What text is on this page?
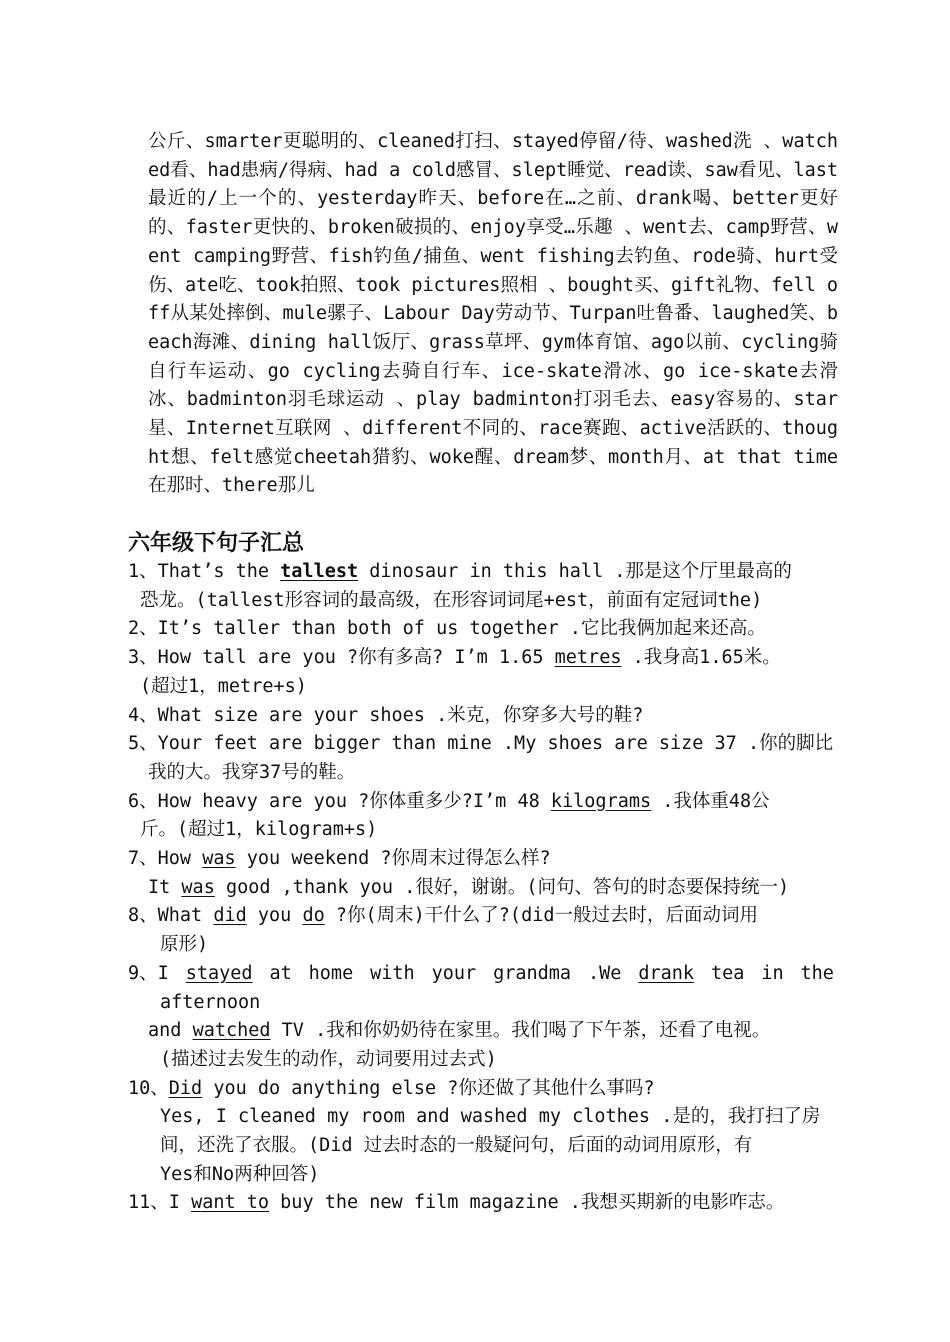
公斤、smarter更聪明的、cleaned打扫、stayed停留/待、washed洗 、watched看、had患病/得病、had a cold感冒、slept睡觉、read读、saw看见、last最近的/上一个的、yesterday昨天、before在…之前、drank喝、better更好的、faster更快的、broken破损的、enjoy享受…乐趣 、went去、camp野营、went camping野营、fish钓鱼/捕鱼、went fishing去钓鱼、rode骑、hurt受伤、ate吃、took拍照、took pictures照相 、bought买、gift礼物、fell off从某处摔倒、mule骡子、Labour Day劳动节、Turpan吐鲁番、laughed笑、beach海滩、dining hall饭厅、grass草坪、gym体育馆、ago以前、cycling骑自行车运动、go cycling去骑自行车、ice-skate滑冰、go ice-skate去滑冰、badminton羽毛球运动 、play badminton打羽毛去、easy容易的、star星、Internet互联网 、different不同的、race赛跑、active活跃的、thought想、felt感觉cheetah猎豹、woke醒、dream梦、month月、at that time在那时、there那儿
六年级下句子汇总
1、That’s the tallest dinosaur in this hall .那是这个厅里最高的
恐龙。(tallest形容词的最高级，在形容词词尾+est，前面有定冠词the)
2、It’s taller than both of us together .它比我俩加起来还高。
3、How tall are you ?你有多高? I’m 1.65 metres .我身高1.65米。
(超过1，metre+s)
4、What size are your shoes .米克，你穿多大号的鞋?
5、Your feet are bigger than mine .My shoes are size 37 .你的脚比
我的大。我穿37号的鞋。
6、How heavy are you ?你体重多少?I’m 48 kilograms .我体重48公
斤。(超过1，kilogram+s)
7、How was you weekend ?你周末过得怎么样?
It was good ,thank you .很好，谢谢。(问句、答句的时态要保持统一)
8、What did you do ?你(周末)干什么了?(did一般过去时，后面动词用
原形)
9、I stayed at home with your grandma .We drank tea in the
afternoon
and watched TV .我和你奶奶待在家里。我们喝了下午茶，还看了电视。
(描述过去发生的动作，动词要用过去式)
10、Did you do anything else ?你还做了其他什么事吗?
Yes, I cleaned my room and washed my clothes .是的，我打扫了房
间，还洗了衣服。(Did 过去时态的一般疑问句，后面的动词用原形，有
Yes和No两种回答)
11、I want to buy the new film magazine .我想买期新的电影咋志。
